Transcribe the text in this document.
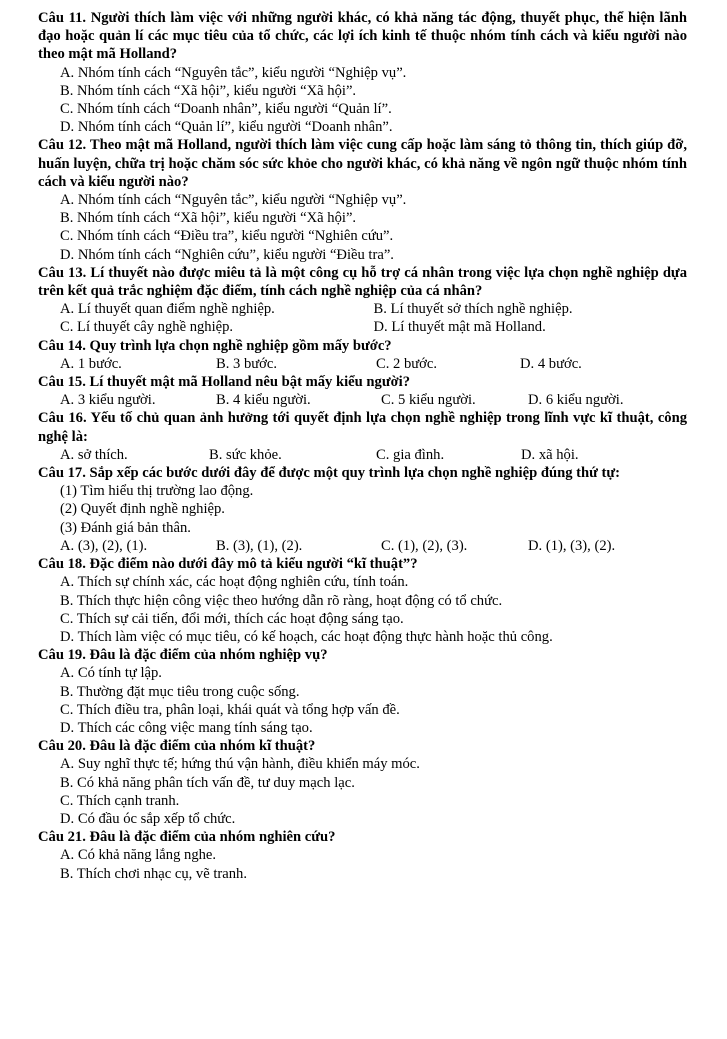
Câu 11. Người thích làm việc với những người khác, có khả năng tác động, thuyết phục, thể hiện lãnh đạo hoặc quản lí các mục tiêu của tổ chức, các lợi ích kinh tế thuộc nhóm tính cách và kiểu người nào theo mật mã Holland?

A. Nhóm tính cách “Nguyên tắc”, kiểu người “Nghiệp vụ”.

B. Nhóm tính cách “Xã hội”, kiểu người “Xã hội”.

C. Nhóm tính cách “Doanh nhân”, kiểu người “Quản lí”.

D. Nhóm tính cách “Quản lí”, kiểu người “Doanh nhân”.

Câu 12. Theo mật mã Holland, người thích làm việc cung cấp hoặc làm sáng tỏ thông tin, thích giúp đỡ, huấn luyện, chữa trị hoặc chăm sóc sức khỏe cho người khác, có khả năng về ngôn ngữ thuộc nhóm tính cách và kiểu người nào?

A. Nhóm tính cách “Nguyên tắc”, kiểu người “Nghiệp vụ”.

B. Nhóm tính cách “Xã hội”, kiểu người “Xã hội”.

C. Nhóm tính cách “Điều tra”, kiểu người “Nghiên cứu”.

D. Nhóm tính cách “Nghiên cứu”, kiểu người “Điều tra”.

Câu 13. Lí thuyết nào được miêu tả là một công cụ hỗ trợ cá nhân trong việc lựa chọn nghề nghiệp dựa trên kết quả trắc nghiệm đặc điểm, tính cách nghề nghiệp của cá nhân?

A. Lí thuyết quan điểm nghề nghiệp.	B. Lí thuyết sở thích nghề nghiệp.
C. Lí thuyết cây nghề nghiệp.	D. Lí thuyết mật mã Holland.

Câu 14. Quy trình lựa chọn nghề nghiệp gồm mấy bước?

A. 1 bước.	B. 3 bước.	C. 2 bước.	D. 4 bước.

Câu 15. Lí thuyết mật mã Holland nêu bật mấy kiểu người?

A. 3 kiểu người.	B. 4 kiểu người.	C. 5 kiểu người.	D. 6 kiểu người.

Câu 16. Yếu tố chủ quan ảnh hưởng tới quyết định lựa chọn nghề nghiệp trong lĩnh vực kĩ thuật, công nghệ là:

A. sở thích.	B. sức khỏe.	C. gia đình.	D. xã hội.

Câu 17. Sắp xếp các bước dưới đây để được một quy trình lựa chọn nghề nghiệp đúng thứ tự:

(1) Tìm hiểu thị trường lao động.

(2) Quyết định nghề nghiệp.

(3) Đánh giá bản thân.

A. (3), (2), (1).	B. (3), (1), (2).	C. (1), (2), (3).	D. (1), (3), (2).

Câu 18. Đặc điểm nào dưới đây mô tả kiểu người “kĩ thuật”?

A. Thích sự chính xác, các hoạt động nghiên cứu, tính toán.

B. Thích thực hiện công việc theo hướng dẫn rõ ràng, hoạt động có tổ chức.

C. Thích sự cải tiến, đổi mới, thích các hoạt động sáng tạo.

D. Thích làm việc có mục tiêu, có kế hoạch, các hoạt động thực hành hoặc thủ công.

Câu 19. Đâu là đặc điểm của nhóm nghiệp vụ?

A. Có tính tự lập.

B. Thường đặt mục tiêu trong cuộc sống.

C. Thích điều tra, phân loại, khái quát và tổng hợp vấn đề.

D. Thích các công việc mang tính sáng tạo.

Câu 20. Đâu là đặc điểm của nhóm kĩ thuật?

A. Suy nghĩ thực tế; hứng thú vận hành, điều khiển máy móc.

B. Có khả năng phân tích vấn đề, tư duy mạch lạc.

C. Thích cạnh tranh.

D. Có đầu óc sắp xếp tổ chức.

Câu 21. Đâu là đặc điểm của nhóm nghiên cứu?

A. Có khả năng lắng nghe.

B. Thích chơi nhạc cụ, vẽ tranh.
